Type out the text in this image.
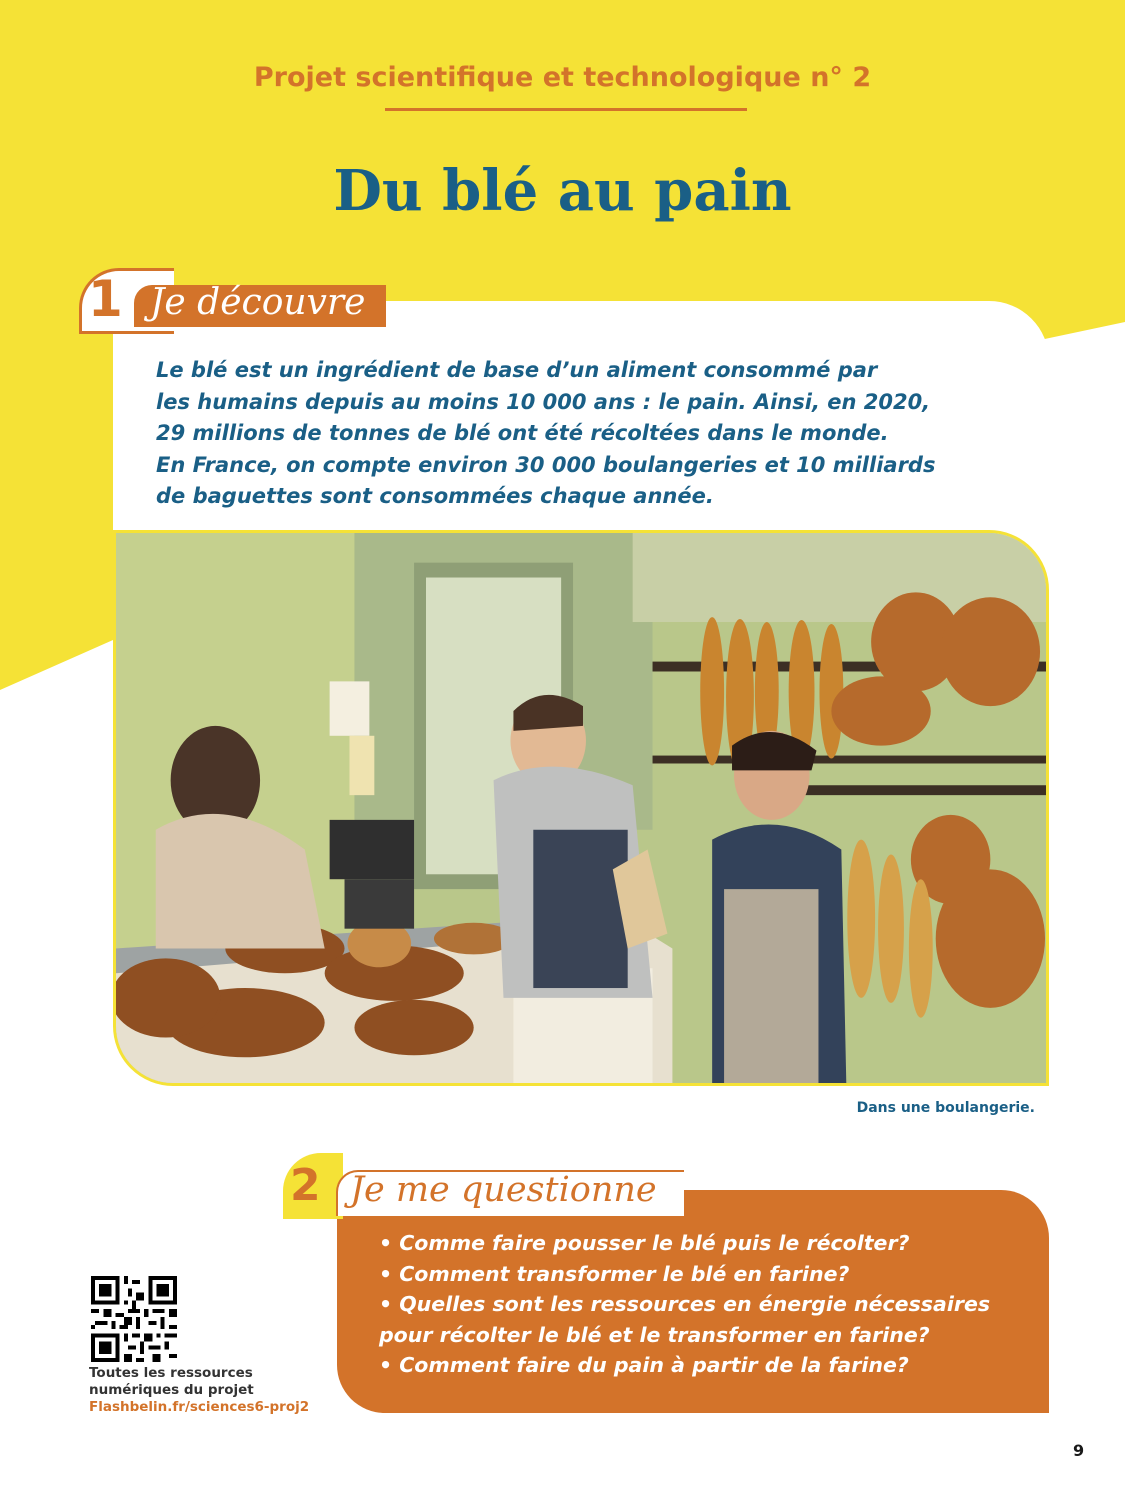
Projet scientifique et technologique n° 2
Du blé au pain
1 Je découvre
Le blé est un ingrédient de base d’un aliment consommé par
les humains depuis au moins 10 000 ans : le pain. Ainsi, en 2020,
29 millions de tonnes de blé ont été récoltées dans le monde.
En France, on compte environ 30 000 boulangeries et 10 milliards
de baguettes sont consommées chaque année.
Dans une boulangerie.
2 Je me questionne
• Comme faire pousser le blé puis le récolter?
• Comment transformer le blé en farine?
• Quelles sont les ressources en énergie nécessaires
pour récolter le blé et le transformer en farine?
• Comment faire du pain à partir de la farine?
Toutes les ressources
numériques du projet
Flashbelin.fr/sciences6-proj2
9
